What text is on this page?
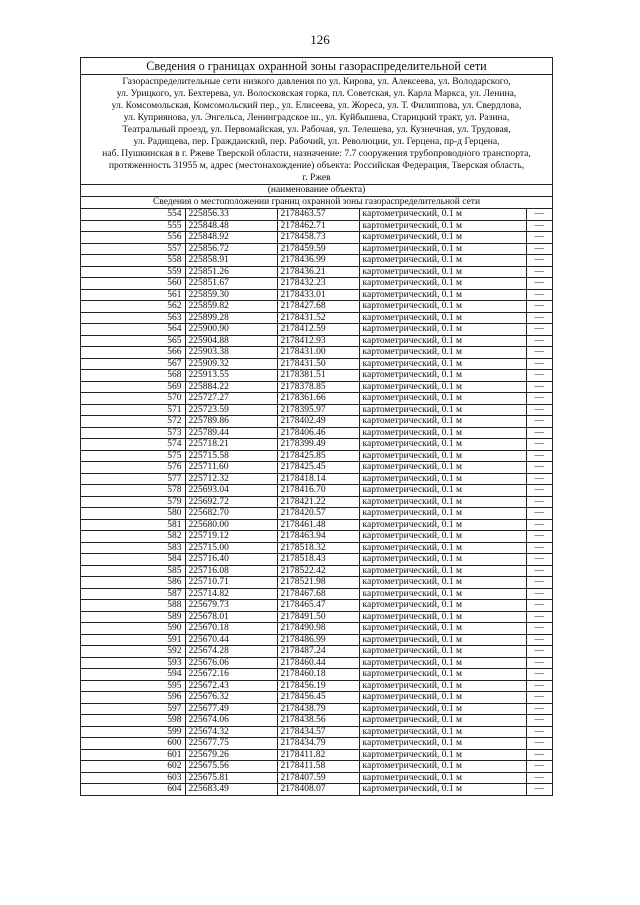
126
Сведения о границах охранной зоны газораспределительной сети
Газораспределительные сети низкого давления по ул. Кирова, ул. Алексеева, ул. Володарского,
ул. Урицкого, ул. Бехтерева, ул. Волосковская горка, пл. Советская, ул. Карла Маркса, ул. Ленина,
ул. Комсомольская, Комсомольский пер., ул. Елисеева, ул. Жореса, ул. Т. Филиппова, ул. Свердлова,
ул. Куприянова, ул. Энгельса, Ленинградское ш., ул. Куйбышева, Старицкий тракт, ул. Разина,
Театральный проезд, ул. Первомайская, ул. Рабочая, ул. Телешева, ул. Кузнечная, ул. Трудовая,
ул. Радищева, пер. Гражданский, пер. Рабочий, ул. Революции, ул. Герцена, пр-д Герцена,
наб. Пушкинская в г. Ржеве Тверской области, назначение: 7.7 сооружения трубопроводного транспорта,
протяженность 31955 м, адрес (местонахождение) объекта: Российская Федерация, Тверская область,
г. Ржев
(наименование объекта)
Сведения о местоположении границ охранной зоны газораспределительной сети
554	225856.33	2178463.57	картометрический, 0.1 м	—
555	225848.48	2178462.71	картометрический, 0.1 м	—
556	225848.92	2178458.73	картометрический, 0.1 м	—
557	225856.72	2178459.59	картометрический, 0.1 м	—
558	225858.91	2178436.99	картометрический, 0.1 м	—
559	225851.26	2178436.21	картометрический, 0.1 м	—
560	225851.67	2178432.23	картометрический, 0.1 м	—
561	225859.30	2178433.01	картометрический, 0.1 м	—
562	225859.82	2178427.68	картометрический, 0.1 м	—
563	225899.28	2178431.52	картометрический, 0.1 м	—
564	225900.90	2178412.59	картометрический, 0.1 м	—
565	225904.88	2178412.93	картометрический, 0.1 м	—
566	225903.38	2178431.00	картометрический, 0.1 м	—
567	225909.32	2178431.50	картометрический, 0.1 м	—
568	225913.55	2178381.51	картометрический, 0.1 м	—
569	225884.22	2178378.85	картометрический, 0.1 м	—
570	225727.27	2178361.66	картометрический, 0.1 м	—
571	225723.59	2178395.97	картометрический, 0.1 м	—
572	225789.86	2178402.49	картометрический, 0.1 м	—
573	225789.44	2178406.46	картометрический, 0.1 м	—
574	225718.21	2178399.49	картометрический, 0.1 м	—
575	225715.58	2178425.85	картометрический, 0.1 м	—
576	225711.60	2178425.45	картометрический, 0.1 м	—
577	225712.32	2178418.14	картометрический, 0.1 м	—
578	225693.04	2178416.70	картометрический, 0.1 м	—
579	225692.72	2178421.22	картометрический, 0.1 м	—
580	225682.70	2178420.57	картометрический, 0.1 м	—
581	225680.00	2178461.48	картометрический, 0.1 м	—
582	225719.12	2178463.94	картометрический, 0.1 м	—
583	225715.00	2178518.32	картометрический, 0.1 м	—
584	225716.40	2178518.43	картометрический, 0.1 м	—
585	225716.08	2178522.42	картометрический, 0.1 м	—
586	225710.71	2178521.98	картометрический, 0.1 м	—
587	225714.82	2178467.68	картометрический, 0.1 м	—
588	225679.73	2178465.47	картометрический, 0.1 м	—
589	225678.01	2178491.50	картометрический, 0.1 м	—
590	225670.18	2178490.98	картометрический, 0.1 м	—
591	225670.44	2178486.99	картометрический, 0.1 м	—
592	225674.28	2178487.24	картометрический, 0.1 м	—
593	225676.06	2178460.44	картометрический, 0.1 м	—
594	225672.16	2178460.18	картометрический, 0.1 м	—
595	225672.43	2178456.19	картометрический, 0.1 м	—
596	225676.32	2178456.45	картометрический, 0.1 м	—
597	225677.49	2178438.79	картометрический, 0.1 м	—
598	225674.06	2178438.56	картометрический, 0.1 м	—
599	225674.32	2178434.57	картометрический, 0.1 м	—
600	225677.75	2178434.79	картометрический, 0.1 м	—
601	225679.26	2178411.82	картометрический, 0.1 м	—
602	225675.56	2178411.58	картометрический, 0.1 м	—
603	225675.81	2178407.59	картометрический, 0.1 м	—
604	225683.49	2178408.07	картометрический, 0.1 м	—
